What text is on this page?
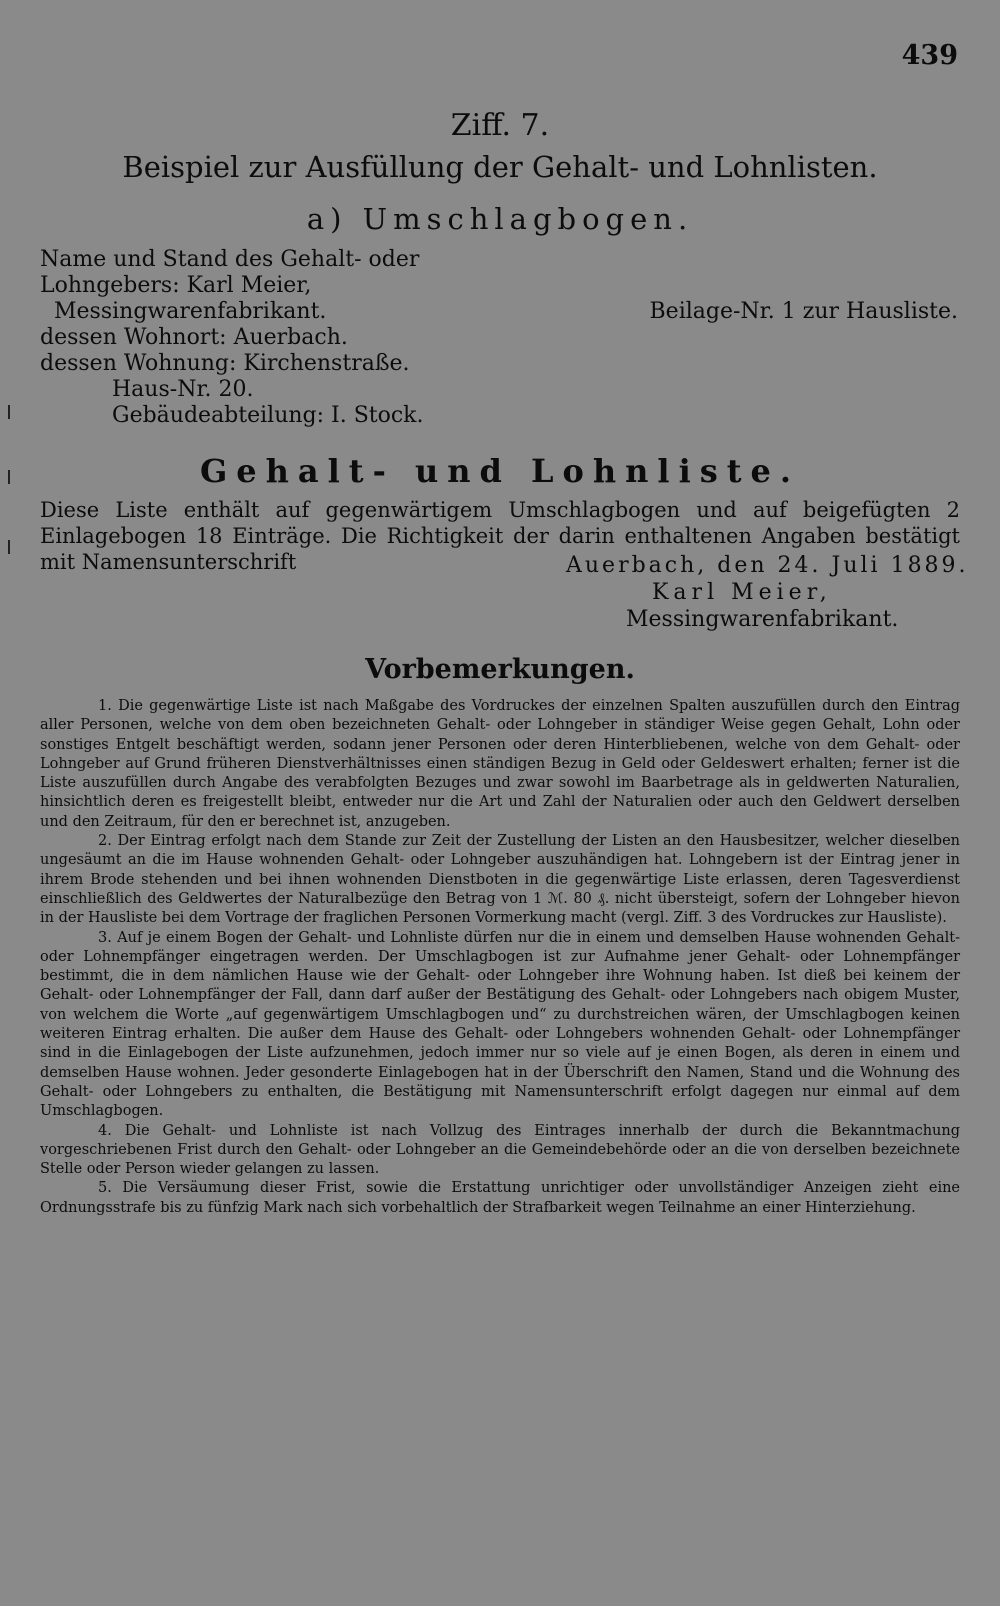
439
Ziff. 7.
Beispiel zur Ausfüllung der Gehalt- und Lohnlisten.
a) Umschlagbogen.
Name und Stand des Gehalt- oder
Lohngebers: Karl Meier,
Messingwarenfabrikant.
dessen Wohnort: Auerbach.
dessen Wohnung: Kirchenstraße.
Haus-Nr. 20.
Gebäudeabteilung: I. Stock.
Beilage-Nr. 1 zur Hausliste.
Gehalt- und Lohnliste.
Diese Liste enthält auf gegenwärtigem Umschlagbogen und auf beigefügten 2 Einlagebogen 18 Einträge. Die Richtigkeit der darin enthaltenen Angaben bestätigt mit Namensunterschrift	Auerbach, den 24. Juli 1889.
Karl Meier,
Messingwarenfabrikant.
Vorbemerkungen.

1. Die gegenwärtige Liste ist nach Maßgabe des Vordruckes der einzelnen Spalten auszufüllen durch den Eintrag aller Personen, welche von dem oben bezeichneten Gehalt- oder Lohngeber in ständiger Weise gegen Gehalt, Lohn oder sonstiges Entgelt beschäftigt werden, sodann jener Personen oder deren Hinterbliebenen, welche von dem Gehalt- oder Lohngeber auf Grund früheren Dienstverhältnisses einen ständigen Bezug in Geld oder Geldeswert erhalten; ferner ist die Liste auszufüllen durch Angabe des verabfolgten Bezuges und zwar sowohl im Baarbetrage als in geldwerten Naturalien, hinsichtlich deren es freigestellt bleibt, entweder nur die Art und Zahl der Naturalien oder auch den Geldwert derselben und den Zeitraum, für den er berechnet ist, anzugeben.

2. Der Eintrag erfolgt nach dem Stande zur Zeit der Zustellung der Listen an den Hausbesitzer, welcher dieselben ungesäumt an die im Hause wohnenden Gehalt- oder Lohngeber auszuhändigen hat. Lohngebern ist der Eintrag jener in ihrem Brode stehenden und bei ihnen wohnenden Dienstboten in die gegenwärtige Liste erlassen, deren Tagesverdienst einschließlich des Geldwertes der Naturalbezüge den Betrag von 1 ℳ. 80 ₰. nicht übersteigt, sofern der Lohngeber hievon in der Hausliste bei dem Vortrage der fraglichen Personen Vormerkung macht (vergl. Ziff. 3 des Vordruckes zur Hausliste).

3. Auf je einem Bogen der Gehalt- und Lohnliste dürfen nur die in einem und demselben Hause wohnenden Gehalt- oder Lohnempfänger eingetragen werden. Der Umschlagbogen ist zur Aufnahme jener Gehalt- oder Lohnempfänger bestimmt, die in dem nämlichen Hause wie der Gehalt- oder Lohngeber ihre Wohnung haben. Ist dieß bei keinem der Gehalt- oder Lohnempfänger der Fall, dann darf außer der Bestätigung des Gehalt- oder Lohngebers nach obigem Muster, von welchem die Worte „auf gegenwärtigem Umschlagbogen und“ zu durchstreichen wären, der Umschlagbogen keinen weiteren Eintrag erhalten. Die außer dem Hause des Gehalt- oder Lohngebers wohnenden Gehalt- oder Lohnempfänger sind in die Einlagebogen der Liste aufzunehmen, jedoch immer nur so viele auf je einen Bogen, als deren in einem und demselben Hause wohnen. Jeder gesonderte Einlagebogen hat in der Überschrift den Namen, Stand und die Wohnung des Gehalt- oder Lohngebers zu enthalten, die Bestätigung mit Namensunterschrift erfolgt dagegen nur einmal auf dem Umschlagbogen.

4. Die Gehalt- und Lohnliste ist nach Vollzug des Eintrages innerhalb der durch die Bekanntmachung vorgeschriebenen Frist durch den Gehalt- oder Lohngeber an die Gemeindebehörde oder an die von derselben bezeichnete Stelle oder Person wieder gelangen zu lassen.

5. Die Versäumung dieser Frist, sowie die Erstattung unrichtiger oder unvollständiger Anzeigen zieht eine Ordnungsstrafe bis zu fünfzig Mark nach sich vorbehaltlich der Strafbarkeit wegen Teilnahme an einer Hinterziehung.
